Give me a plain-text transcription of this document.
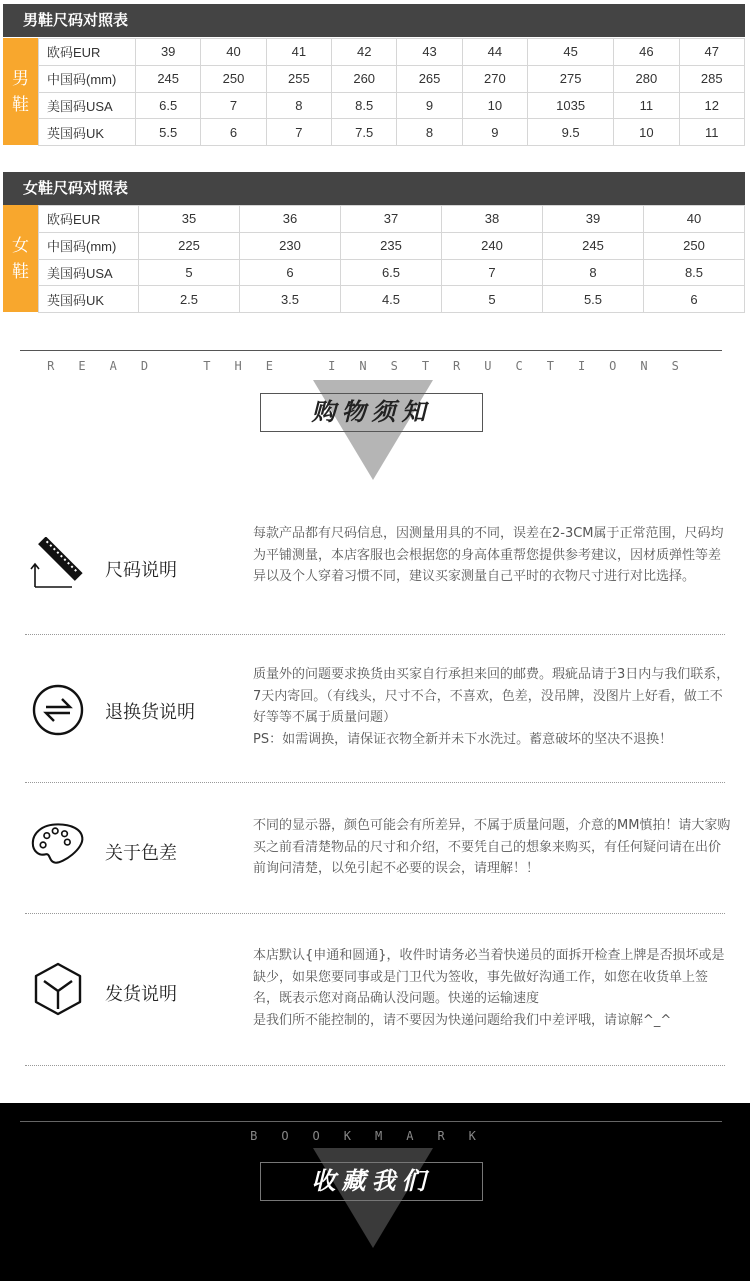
男鞋尺码对照表
男
鞋
欧码EUR	39	40	41	42	43	44	45	46	47
中国码(mm)	245	250	255	260	265	270	275	280	285
美国码USA	6.5	7	8	8.5	9	10	1035	11	12
英国码UK	5.5	6	7	7.5	8	9	9.5	10	11
女鞋尺码对照表
女
鞋
欧码EUR	35	36	37	38	39	40
中国码(mm)	225	230	235	240	245	250
美国码USA	5	6	6.5	7	8	8.5
英国码UK	2.5	3.5	4.5	5	5.5	6
READ THE INSTRUCTIONS
购物须知
尺码说明
每款产品都有尺码信息，因测量用具的不同，误差在2-3CM属于正常范围，尺码均为平铺测量，本店客服也会根据您的身高体重帮您提供参考建议，因材质弹性等差异以及个人穿着习惯不同，建议买家测量自己平时的衣物尺寸进行对比选择。
退换货说明
质量外的问题要求换货由买家自行承担来回的邮费。瑕疵品请于3日内与我们联系，7天内寄回。（有线头，尺寸不合，不喜欢，色差，没吊牌，没图片上好看，做工不好等等不属于质量问题）
PS：如需调换，请保证衣物全新并未下水洗过。蓄意破坏的坚决不退换！
关于色差
不同的显示器，颜色可能会有所差异，不属于质量问题，介意的MM慎拍！请大家购买之前看清楚物品的尺寸和介绍，不要凭自己的想象来购买，有任何疑问请在出价前询问清楚，以免引起不必要的误会，请理解！！
发货说明
本店默认{申通和圆通}，收件时请务必当着快递员的面拆开检查上牌是否损坏或是缺少，如果您要同事或是门卫代为签收，事先做好沟通工作，如您在收货单上签名，既表示您对商品确认没问题。快递的运输速度
是我们所不能控制的，请不要因为快递问题给我们中差评哦，请谅解^_^
BOOKMARK
收藏我们
